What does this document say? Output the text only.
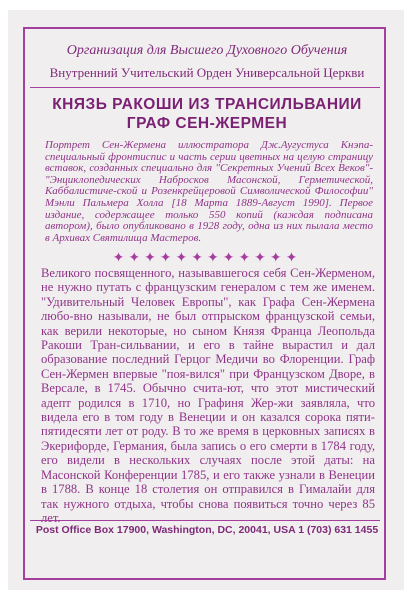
Организация для Высшего Духовного Обучения
Внутренний Учительский Орден Универсальной Церкви
КНЯЗЬ РАКОШИ ИЗ ТРАНСИЛЬВАНИИ
ГРАФ СЕН-ЖЕРМЕН
Портрет Сен-Жермена иллюстратора Дж.Аугустуса Кнэпа-специальный фронтиспис и часть серии цветных на целую страницу вставок, созданных специально для "Секретных Учений Всех Веков"-"Энциклопедических Набросков Масонской, Герметической, Каббалистиче-ской и Розенкрейцеровой Символической Философии" Мэнли Пальмера Холла [18 Марта 1889-Август 1990]. Первое издание, содержащее только 550 копий (каждая подписана автором), было опубликовано в 1928 году, одна из них пылала место в Архивах Святилища Мастеров.
✦✦✦✦✦✦✦✦✦✦✦✦
Великого посвященного, называвшегося себя Сен-Жерменом, не нужно путать с французским генералом с тем же именем. "Удивительный Человек Европы", как Графа Сен-Жермена любо-вно называли, не был отпрыском французской семьи, как верили некоторые, но сыном Князя Франца Леопольда Ракоши Тран-сильвании, и его в тайне вырастил и дал образование последний Герцог Медичи во Флоренции. Граф Сен-Жермен впервые "поя-вился" при Французском Дворе, в Версале, в 1745. Обычно счита-ют, что этот мистический адепт родился в 1710, но Графиня Жер-жи заявляла, что видела его в том году в Венеции и он казался сорока пяти-пятидесяти лет от роду. В то же время в церковных записях в Экерифорде, Германия, была запись о его смерти в 1784 году, его видели в нескольких случаях после этой даты: на Масонской Конференции 1785, и его также узнали в Венеции в 1788. В конце 18 столетия он отправился в Гималайи для так нужного отдыха, чтобы снова появиться точно через 85 лет.
Post Office Box 17900, Washington, DC, 20041, USA 1 (703) 631 1455
